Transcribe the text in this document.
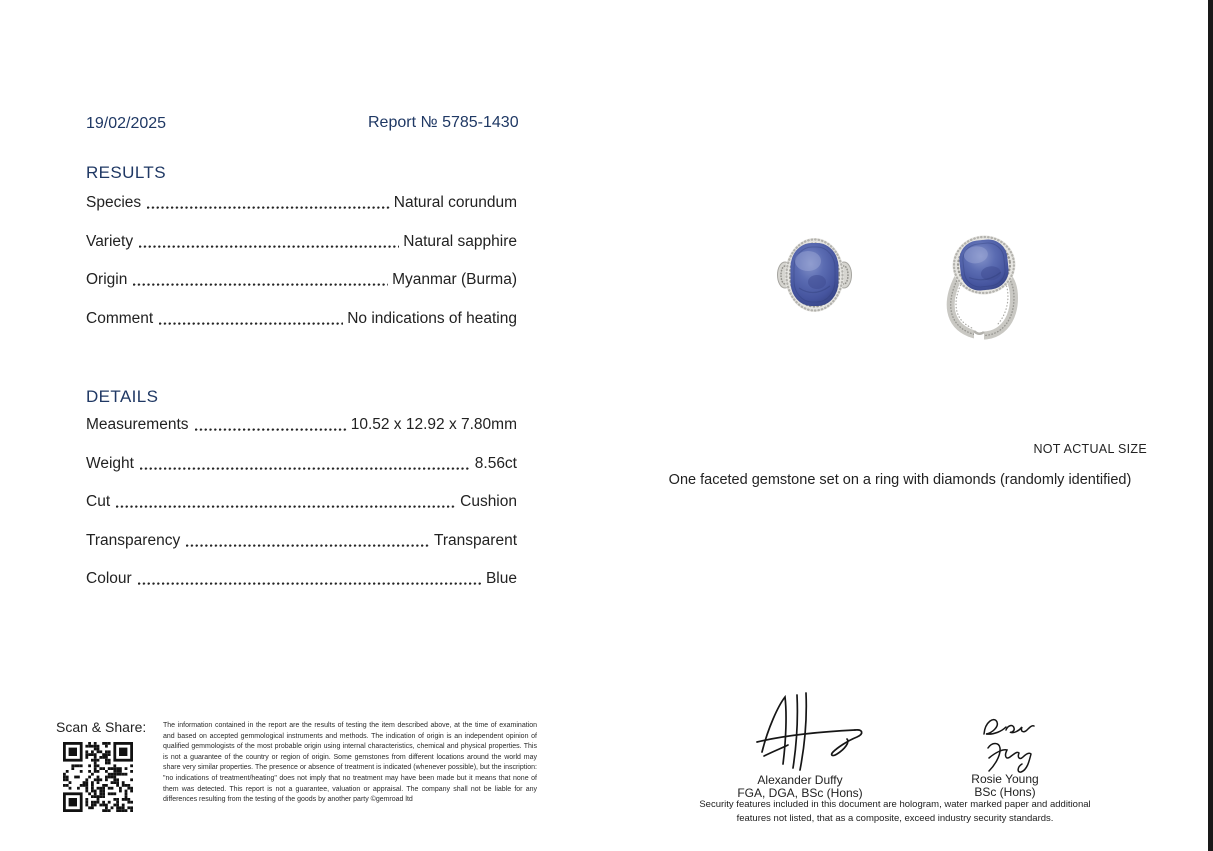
19/02/2025	Report № 5785-1430
RESULTS
Species	Natural corundum
Variety	Natural sapphire
Origin	Myanmar (Burma)
Comment	No indications of heating
DETAILS
Measurements	10.52 x 12.92 x 7.80mm
Weight	8.56ct
Cut	Cushion
Transparency	Transparent
Colour	Blue
NOT ACTUAL SIZE
One faceted gemstone set on a ring with diamonds (randomly identified)
Scan & Share: The information contained in the report are the results of testing the item described above, at the time of examination and based on accepted gemmological instruments and methods. The indication of origin is an independent opinion of qualified gemmologists of the most probable origin using internal characteristics, chemical and physical properties. This is not a guarantee of the country or region of origin. Some gemstones from different locations around the world may share very similar properties. The presence or absence of treatment is indicated (whenever possible), but the inscription: "no indications of treatment/heating" does not imply that no treatment may have been made but it means that none of them was detected. This report is not a guarantee, valuation or appraisal. The company shall not be liable for any differences resulting from the testing of the goods by another party ©gemroad ltd
Alexander Duffy
FGA, DGA, BSc (Hons)
Rosie Young
BSc (Hons)
Security features included in this document are hologram, water marked paper and additional
features not listed, that as a composite, exceed industry security standards.
